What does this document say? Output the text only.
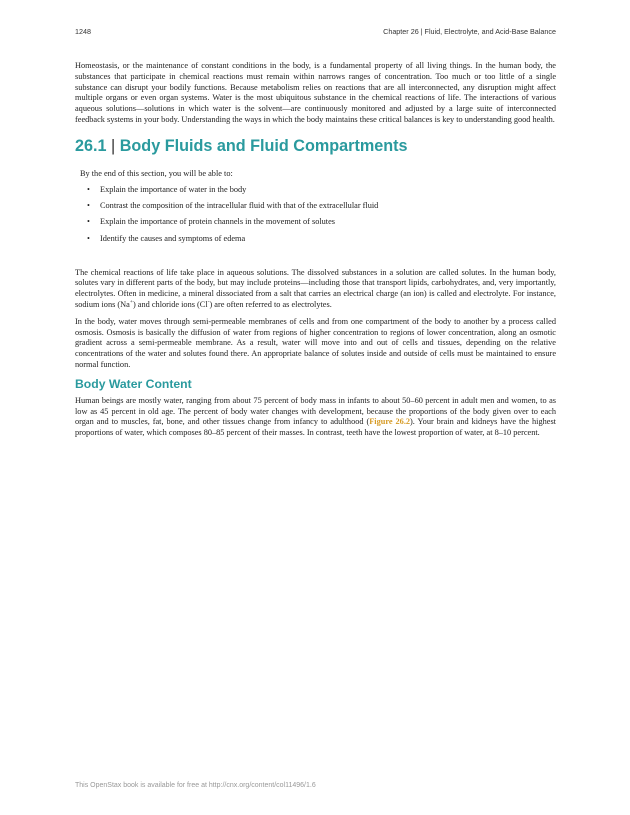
1248	Chapter 26 | Fluid, Electrolyte, and Acid-Base Balance

Homeostasis, or the maintenance of constant conditions in the body, is a fundamental property of all living things. In the human body, the substances that participate in chemical reactions must remain within narrows ranges of concentration. Too much or too little of a single substance can disrupt your bodily functions. Because metabolism relies on reactions that are all interconnected, any disruption might affect multiple organs or even organ systems. Water is the most ubiquitous substance in the chemical reactions of life. The interactions of various aqueous solutions—solutions in which water is the solvent—are continuously monitored and adjusted by a large suite of interconnected feedback systems in your body. Understanding the ways in which the body maintains these critical balances is key to understanding good health.

26.1 | Body Fluids and Fluid Compartments

By the end of this section, you will be able to:

• Explain the importance of water in the body
• Contrast the composition of the intracellular fluid with that of the extracellular fluid
• Explain the importance of protein channels in the movement of solutes
• Identify the causes and symptoms of edema

The chemical reactions of life take place in aqueous solutions. The dissolved substances in a solution are called solutes. In the human body, solutes vary in different parts of the body, but may include proteins—including those that transport lipids, carbohydrates, and, very importantly, electrolytes. Often in medicine, a mineral dissociated from a salt that carries an electrical charge (an ion) is called and electrolyte. For instance, sodium ions (Na+) and chloride ions (Cl-) are often referred to as electrolytes.

In the body, water moves through semi-permeable membranes of cells and from one compartment of the body to another by a process called osmosis. Osmosis is basically the diffusion of water from regions of higher concentration to regions of lower concentration, along an osmotic gradient across a semi-permeable membrane. As a result, water will move into and out of cells and tissues, depending on the relative concentrations of the water and solutes found there. An appropriate balance of solutes inside and outside of cells must be maintained to ensure normal function.

Body Water Content

Human beings are mostly water, ranging from about 75 percent of body mass in infants to about 50–60 percent in adult men and women, to as low as 45 percent in old age. The percent of body water changes with development, because the proportions of the body given over to each organ and to muscles, fat, bone, and other tissues change from infancy to adulthood (Figure 26.2). Your brain and kidneys have the highest proportions of water, which composes 80–85 percent of their masses. In contrast, teeth have the lowest proportion of water, at 8–10 percent.

This OpenStax book is available for free at http://cnx.org/content/col11496/1.6
